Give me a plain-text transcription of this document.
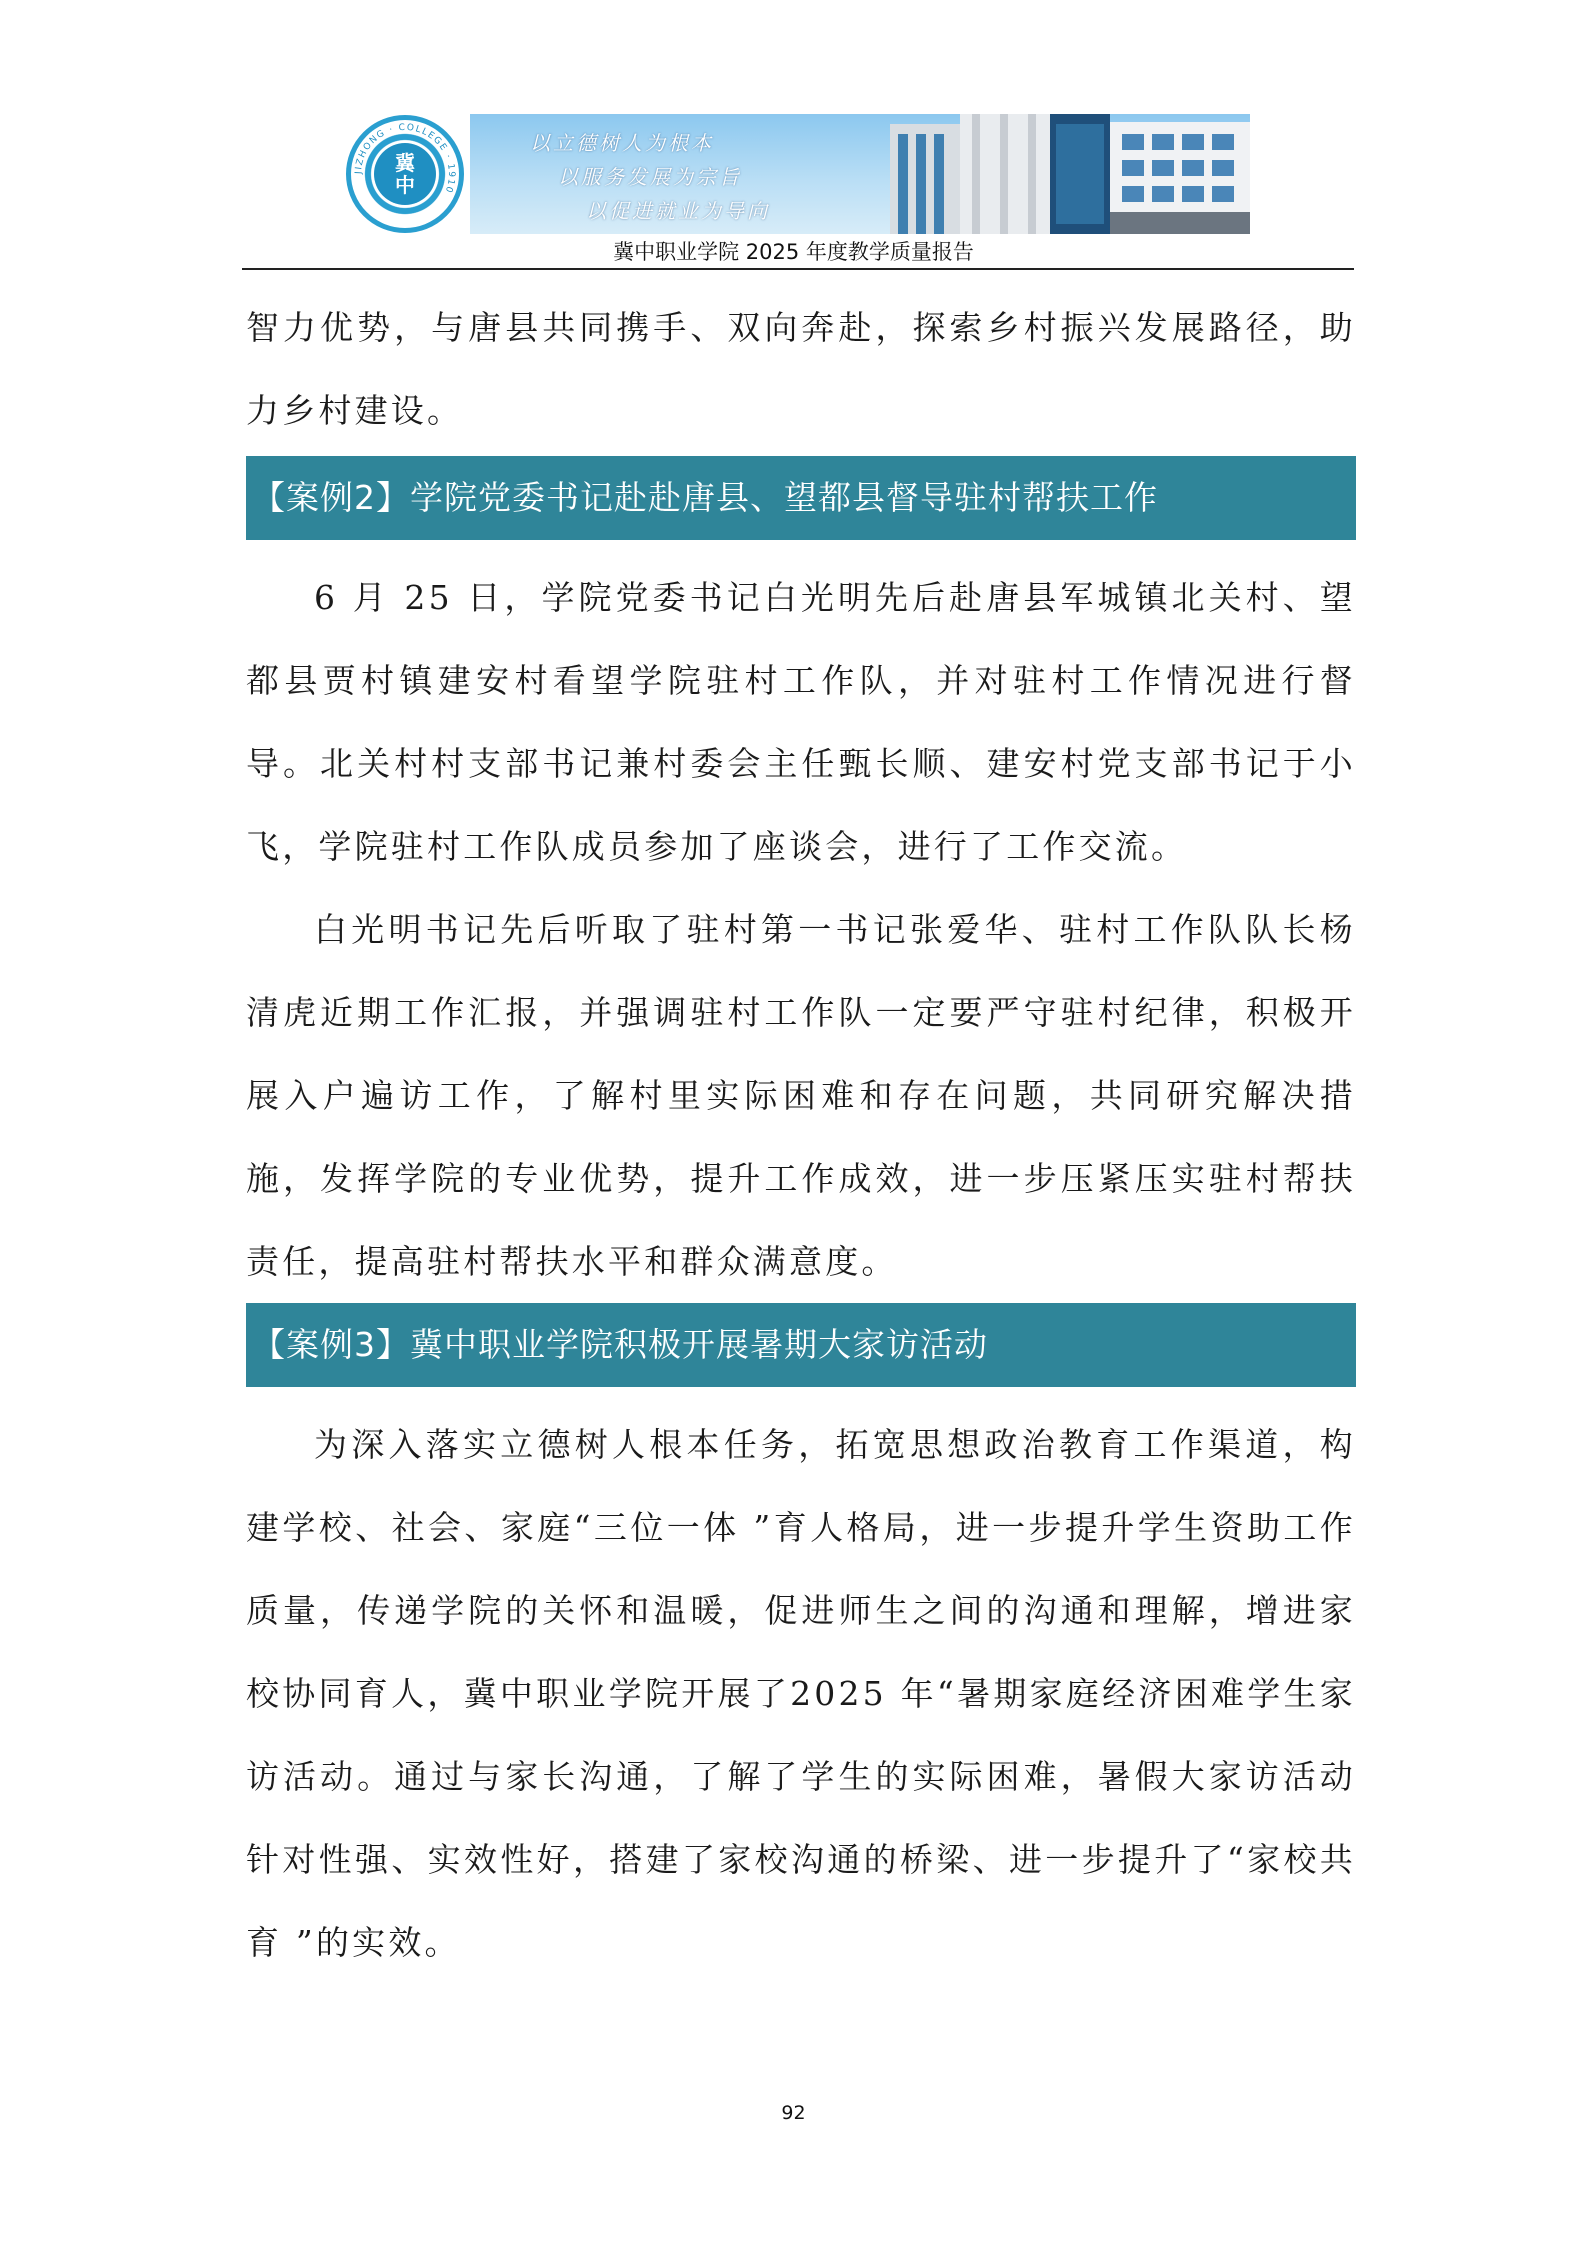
JIZHONG · COLLEGE · 1910
冀
中
以立德树人为根本
以服务发展为宗旨
以促进就业为导向
冀中职业学院 2025 年度教学质量报告

智力优势，与唐县共同携手、双向奔赴，探索乡村振兴发展路径，助力乡村建设。

【案例2】学院党委书记赴赴唐县、望都县督导驻村帮扶工作

6 月 25 日，学院党委书记白光明先后赴唐县军城镇北关村、望都县贾村镇建安村看望学院驻村工作队，并对驻村工作情况进行督导。北关村村支部书记兼村委会主任甄长顺、建安村党支部书记于小飞，学院驻村工作队成员参加了座谈会，进行了工作交流。

白光明书记先后听取了驻村第一书记张爱华、驻村工作队队长杨清虎近期工作汇报，并强调驻村工作队一定要严守驻村纪律，积极开展入户遍访工作，了解村里实际困难和存在问题，共同研究解决措施，发挥学院的专业优势，提升工作成效，进一步压紧压实驻村帮扶责任，提高驻村帮扶水平和群众满意度。

【案例3】冀中职业学院积极开展暑期大家访活动

为深入落实立德树人根本任务，拓宽思想政治教育工作渠道，构建学校、社会、家庭“三位一体 ”育人格局，进一步提升学生资助工作质量，传递学院的关怀和温暖，促进师生之间的沟通和理解，增进家校协同育人，冀中职业学院开展了2025 年“暑期家庭经济困难学生家访活动。通过与家长沟通，了解了学生的实际困难，暑假大家访活动针对性强、实效性好，搭建了家校沟通的桥梁、进一步提升了“家校共育 ”的实效。

92
